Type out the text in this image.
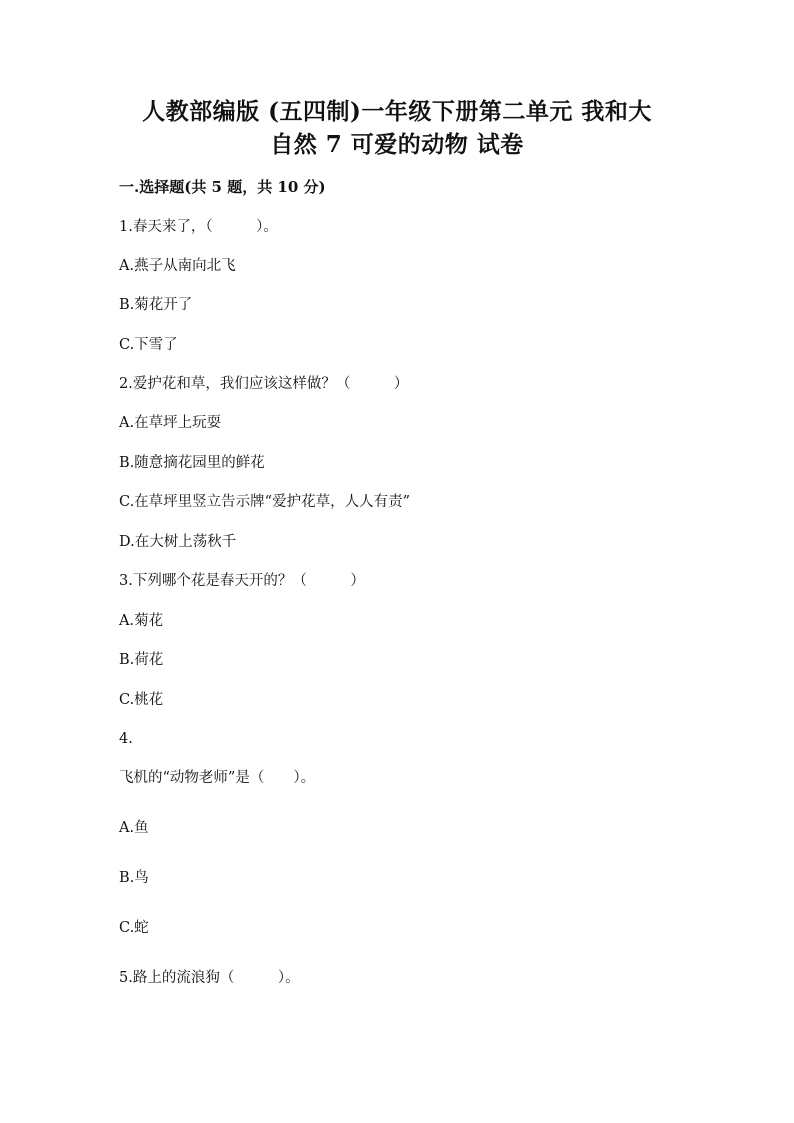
人教部编版 (五四制)一年级下册第二单元 我和大
自然 7 可爱的动物 试卷
一.选择题(共 5 题，共 10 分)
1.春天来了，（　　　）。
A.燕子从南向北飞
B.菊花开了
C.下雪了
2.爱护花和草，我们应该这样做？（　　　）
A.在草坪上玩耍
B.随意摘花园里的鲜花
C.在草坪里竖立告示牌“爱护花草，人人有责”
D.在大树上荡秋千
3.下列哪个花是春天开的？（　　　）
A.菊花
B.荷花
C.桃花
4.
飞机的“动物老师”是（　　）。
A.鱼
B.鸟
C.蛇
5.路上的流浪狗（　　　）。
